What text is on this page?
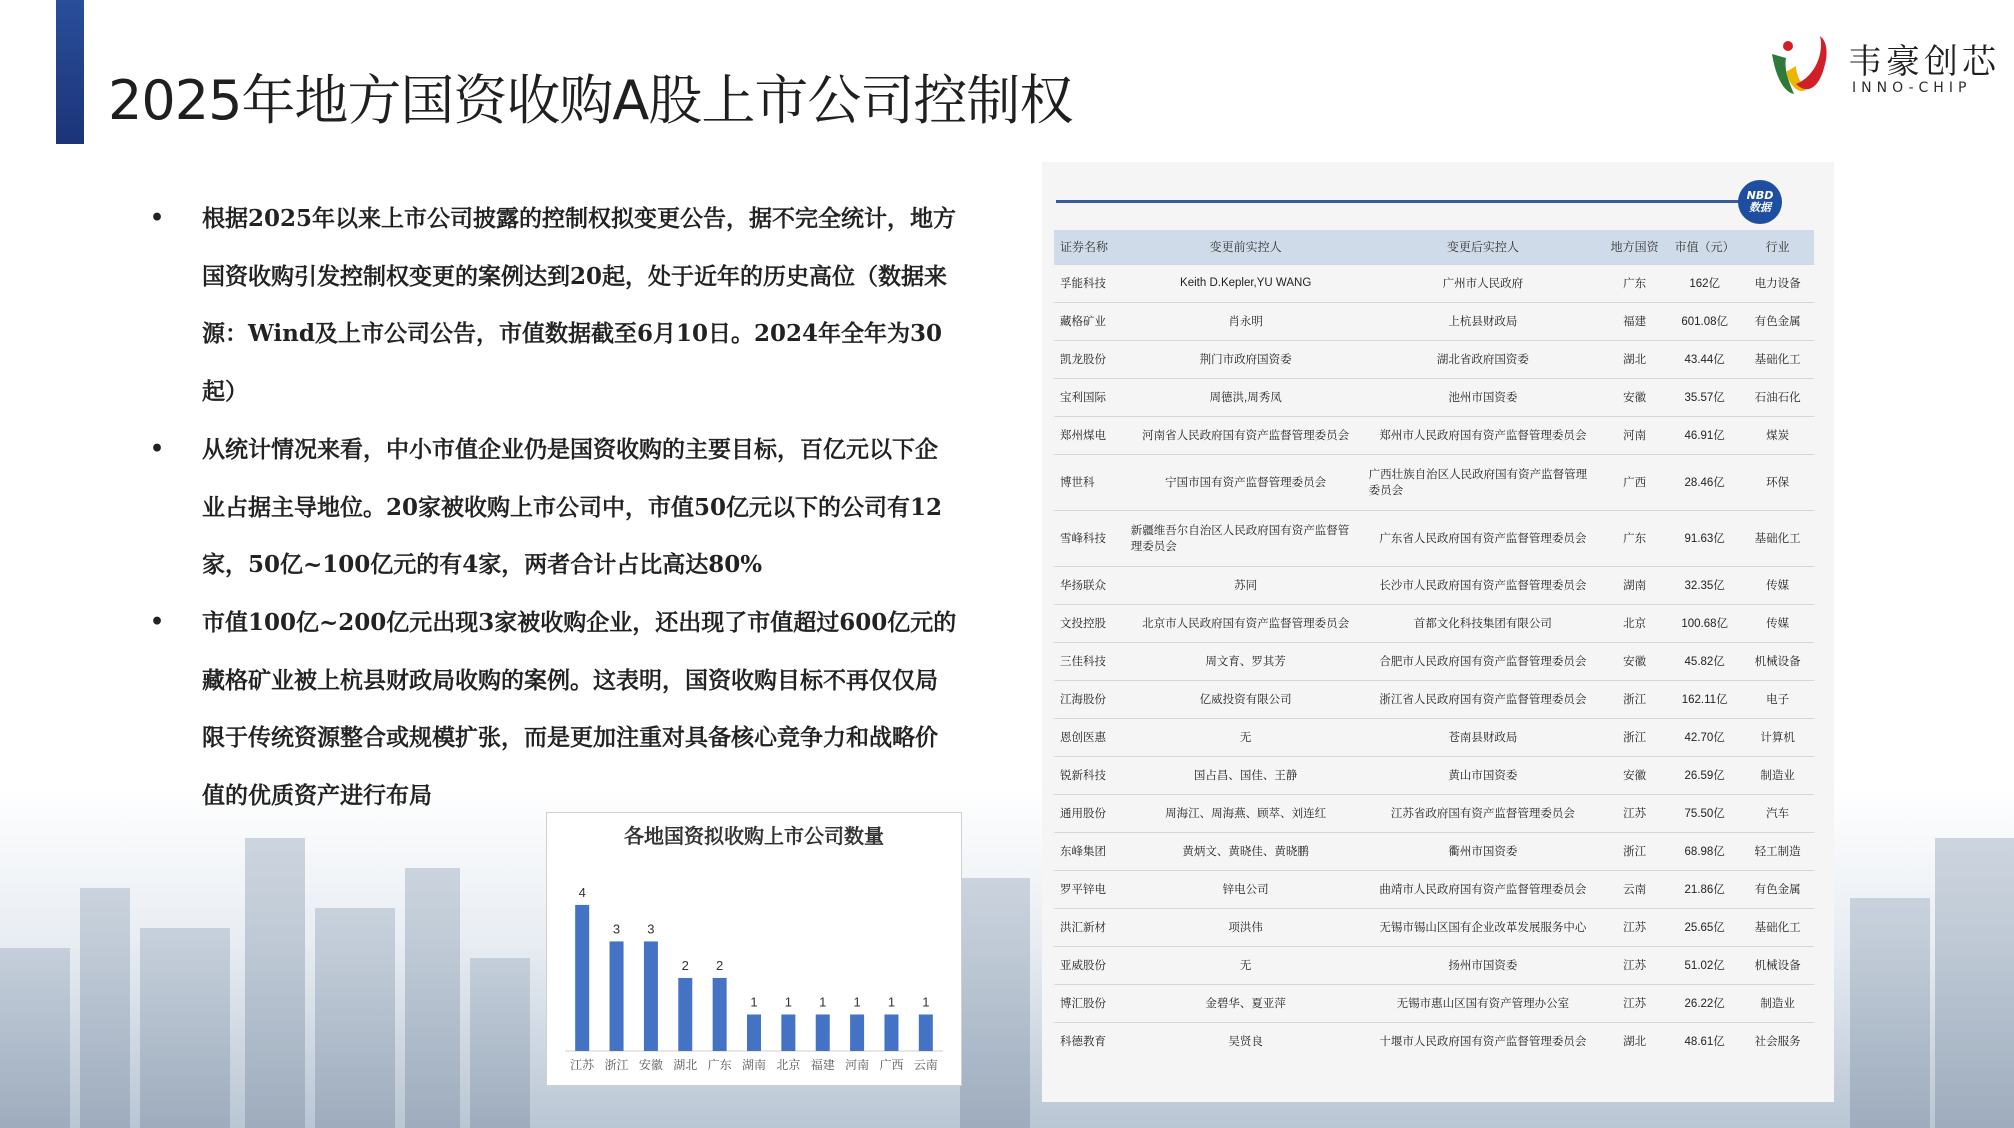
2025年地方国资收购A股上市公司控制权
韦豪创芯
INNO-CHIP
• 根据2025年以来上市公司披露的控制权拟变更公告，据不完全统计，地方国资收购引发控制权变更的案例达到20起，处于近年的历史高位（数据来源：Wind及上市公司公告，市值数据截至6月10日。2024年全年为30起）
• 从统计情况来看，中小市值企业仍是国资收购的主要目标，百亿元以下企业占据主导地位。20家被收购上市公司中，市值50亿元以下的公司有12家，50亿~100亿元的有4家，两者合计占比高达80%
• 市值100亿~200亿元出现3家被收购企业，还出现了市值超过600亿元的藏格矿业被上杭县财政局收购的案例。这表明，国资收购目标不再仅仅局限于传统资源整合或规模扩张，而是更加注重对具备核心竞争力和战略价值的优质资产进行布局
各地国资拟收购上市公司数量
4
江苏
3
浙江
3
安徽
2
湖北
2
广东
1
湖南
1
北京
1
福建
1
河南
1
广西
1
云南
NBD
数据
证券名称	变更前实控人	变更后实控人	地方国资	市值（元）	行业
孚能科技	Keith D.Kepler,YU WANG	广州市人民政府	广东	162亿	电力设备
藏格矿业	肖永明	上杭县财政局	福建	601.08亿	有色金属
凯龙股份	荆门市政府国资委	湖北省政府国资委	湖北	43.44亿	基础化工
宝利国际	周德洪,周秀凤	池州市国资委	安徽	35.57亿	石油石化
郑州煤电	河南省人民政府国有资产监督管理委员会	郑州市人民政府国有资产监督管理委员会	河南	46.91亿	煤炭
博世科	宁国市国有资产监督管理委员会	广西壮族自治区人民政府国有资产监督管理委员会	广西	28.46亿	环保
雪峰科技	新疆维吾尔自治区人民政府国有资产监督管理委员会	广东省人民政府国有资产监督管理委员会	广东	91.63亿	基础化工
华扬联众	苏同	长沙市人民政府国有资产监督管理委员会	湖南	32.35亿	传媒
文投控股	北京市人民政府国有资产监督管理委员会	首都文化科技集团有限公司	北京	100.68亿	传媒
三佳科技	周文育、罗其芳	合肥市人民政府国有资产监督管理委员会	安徽	45.82亿	机械设备
江海股份	亿威投资有限公司	浙江省人民政府国有资产监督管理委员会	浙江	162.11亿	电子
恩创医惠	无	苍南县财政局	浙江	42.70亿	计算机
锐新科技	国占昌、国佳、王静	黄山市国资委	安徽	26.59亿	制造业
通用股份	周海江、周海燕、顾萃、刘连红	江苏省政府国有资产监督管理委员会	江苏	75.50亿	汽车
东峰集团	黄炳文、黄晓佳、黄晓鹏	衢州市国资委	浙江	68.98亿	轻工制造
罗平锌电	锌电公司	曲靖市人民政府国有资产监督管理委员会	云南	21.86亿	有色金属
洪汇新材	项洪伟	无锡市锡山区国有企业改革发展服务中心	江苏	25.65亿	基础化工
亚威股份	无	扬州市国资委	江苏	51.02亿	机械设备
博汇股份	金碧华、夏亚萍	无锡市惠山区国有资产管理办公室	江苏	26.22亿	制造业
科德教育	吴贤良	十堰市人民政府国有资产监督管理委员会	湖北	48.61亿	社会服务
